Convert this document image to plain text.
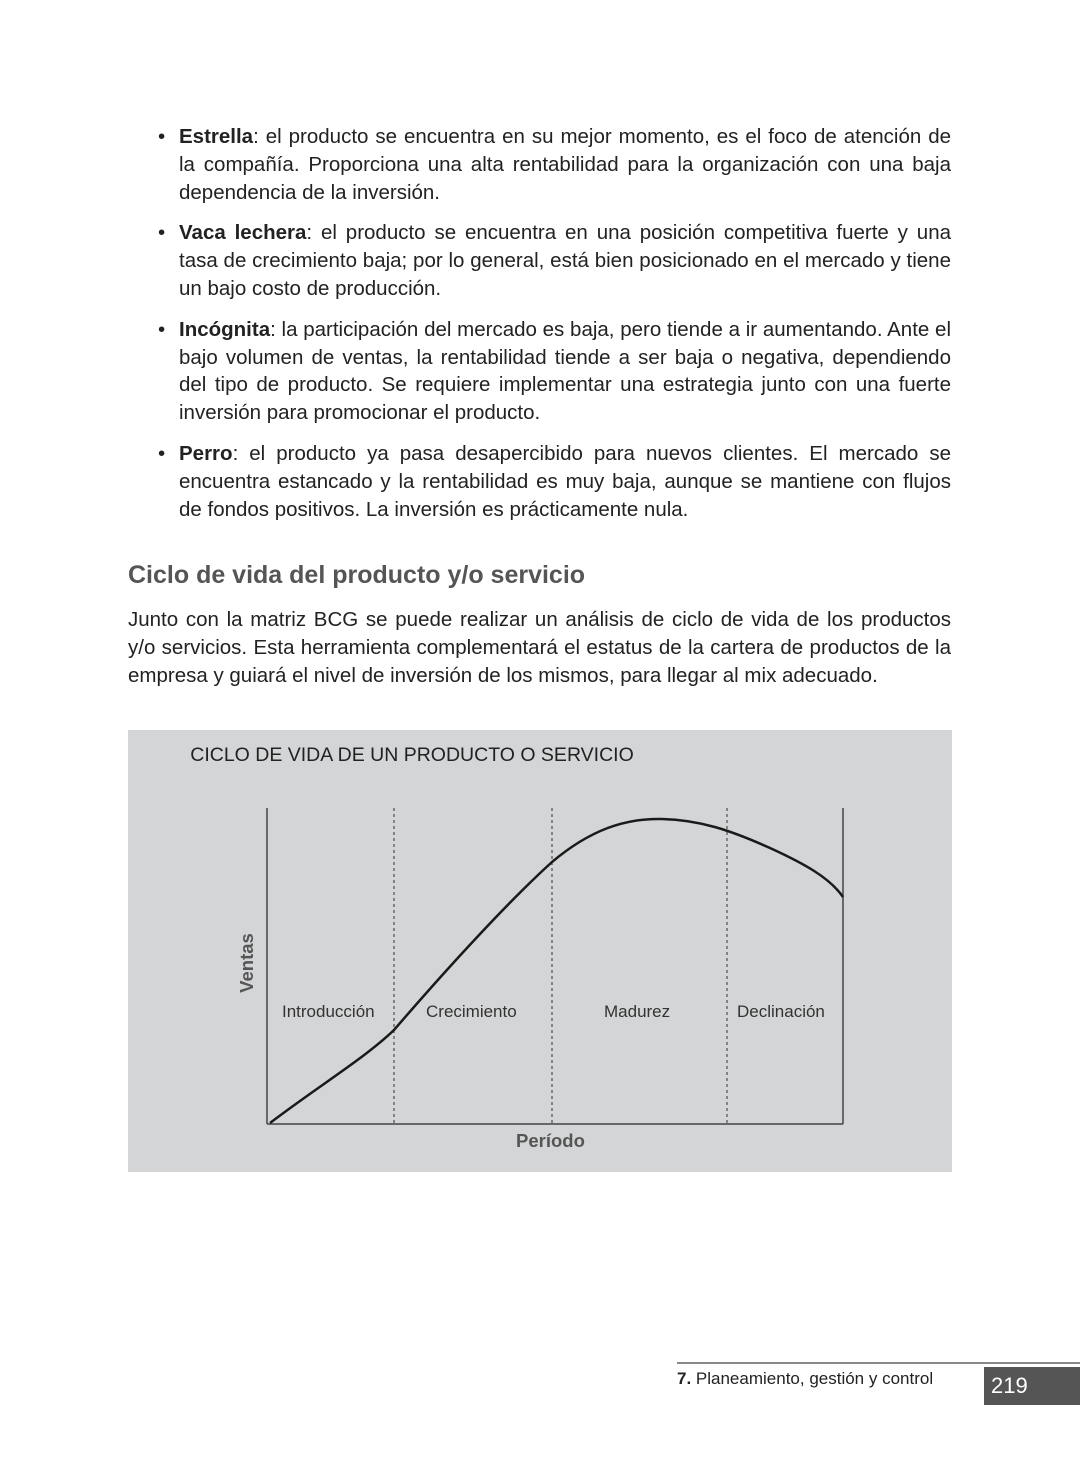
• Estrella: el producto se encuentra en su mejor momento, es el foco de atención de la compañía. Proporciona una alta rentabilidad para la organización con una baja dependencia de la inversión.
• Vaca lechera: el producto se encuentra en una posición competitiva fuerte y una tasa de crecimiento baja; por lo general, está bien posicionado en el mercado y tiene un bajo costo de producción.
• Incógnita: la participación del mercado es baja, pero tiende a ir aumentando. Ante el bajo volumen de ventas, la rentabilidad tiende a ser baja o negativa, dependiendo del tipo de producto. Se requiere implementar una estrategia junto con una fuerte inversión para promocionar el producto.
• Perro: el producto ya pasa desapercibido para nuevos clientes. El mercado se encuentra estancado y la rentabilidad es muy baja, aunque se mantiene con flujos de fondos positivos. La inversión es prácticamente nula.
Ciclo de vida del producto y/o servicio

Junto con la matriz BCG se puede realizar un análisis de ciclo de vida de los productos y/o servicios. Esta herramienta complementará el estatus de la cartera de productos de la empresa y guiará el nivel de inversión de los mismos, para llegar al mix adecuado.

CICLO DE VIDA DE UN PRODUCTO O SERVICIO
Ventas
Período
Introducción	Crecimiento	Madurez	Declinación
7. Planeamiento, gestión y control	219
